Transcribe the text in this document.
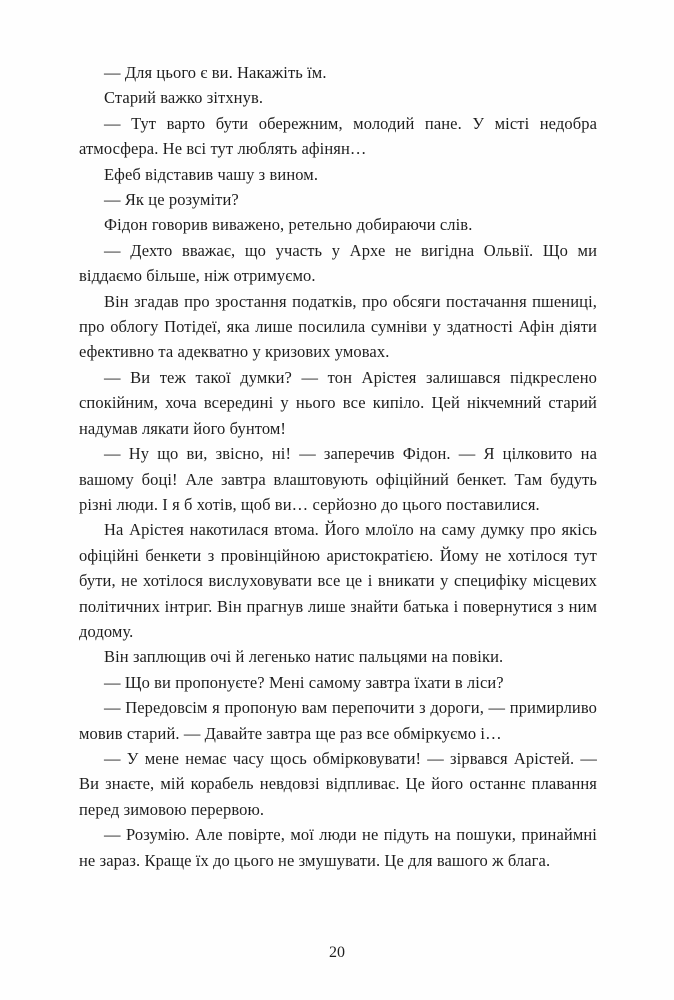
— Для цього є ви. Накажіть їм.

Старий важко зітхнув.

— Тут варто бути обережним, молодий пане. У місті недобра атмосфера. Не всі тут люблять афінян…

Ефеб відставив чашу з вином.

— Як це розуміти?

Фідон говорив виважено, ретельно добираючи слів.

— Дехто вважає, що участь у Архе не вигідна Ольвії. Що ми віддаємо більше, ніж отримуємо.

Він згадав про зростання податків, про обсяги постачання пшениці, про облогу Потідеї, яка лише посилила сумніви у здатності Афін діяти ефективно та адекватно у кризових умовах.

— Ви теж такої думки? — тон Арістея залишався підкреслено спокійним, хоча всередині у нього все кипіло. Цей нікчемний старий надумав лякати його бунтом!

— Ну що ви, звісно, ні! — заперечив Фідон. — Я цілковито на вашому боці! Але завтра влаштовують офіційний бенкет. Там будуть різні люди. І я б хотів, щоб ви… серйозно до цього поставилися.

На Арістея накотилася втома. Його млоїло на саму думку про якісь офіційні бенкети з провінційною аристократією. Йому не хотілося тут бути, не хотілося вислуховувати все це і вникати у специфіку місцевих політичних інтриг. Він прагнув лише знайти батька і повернутися з ним додому.

Він заплющив очі й легенько натис пальцями на повіки.

— Що ви пропонуєте? Мені самому завтра їхати в ліси?

— Передовсім я пропоную вам перепочити з дороги, — примирливо мовив старий. — Давайте завтра ще раз все обміркуємо і…

— У мене немає часу щось обмірковувати! — зірвався Арістей. — Ви знаєте, мій корабель невдовзі відпливає. Це його останнє плавання перед зимовою перервою.

— Розумію. Але повірте, мої люди не підуть на пошуки, принаймні не зараз. Краще їх до цього не змушувати. Це для вашого ж блага.

20
